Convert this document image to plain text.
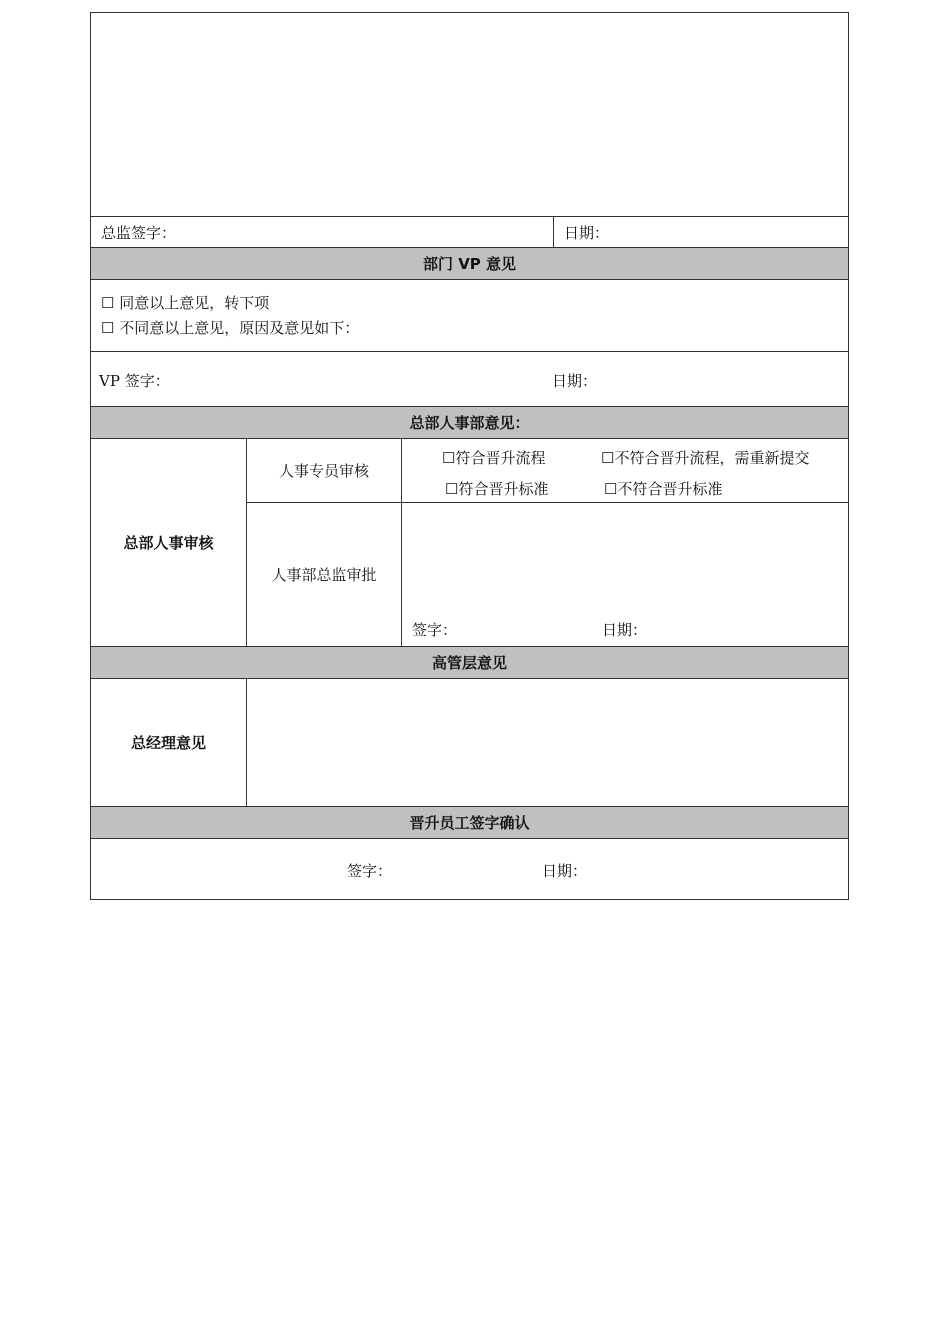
总监签字：			日期：
部门 VP 意见			

☐ 同意以上意见，转下项
☐ 不同意以上意见，原因及意见如下：			

VP 签字： 日期：			

总部人事部意见：			
总部人事审核	人事专员审核	☐符合晋升流程 ☐不符合晋升流程，需重新提交
☐符合晋升标准 ☐不符合晋升标准	

	人事部总监审批	签字： 日期：	

高管层意见			
总经理意见			
晋升员工签字确认			

签字： 日期：			
